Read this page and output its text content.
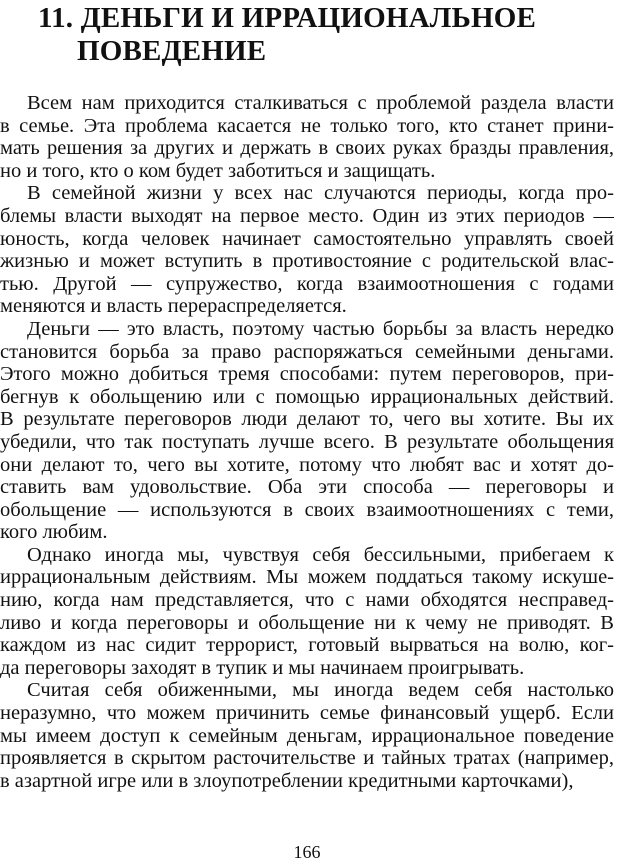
11. ДЕНЬГИ И ИРРАЦИОНАЛЬНОЕ
ПОВЕДЕНИЕ
Всем нам приходится сталкиваться с проблемой раздела власти
в семье. Эта проблема касается не только того, кто станет прини-
мать решения за других и держать в своих руках бразды правления,
но и того, кто о ком будет заботиться и защищать.
В семейной жизни у всех нас случаются периоды, когда про-
блемы власти выходят на первое место. Один из этих периодов —
юность, когда человек начинает самостоятельно управлять своей
жизнью и может вступить в противостояние с родительской влас-
тью. Другой — супружество, когда взаимоотношения с годами
меняются и власть перераспределяется.
Деньги — это власть, поэтому частью борьбы за власть нередко
становится борьба за право распоряжаться семейными деньгами.
Этого можно добиться тремя способами: путем переговоров, при-
бегнув к обольщению или с помощью иррациональных действий.
В результате переговоров люди делают то, чего вы хотите. Вы их
убедили, что так поступать лучше всего. В результате обольщения
они делают то, чего вы хотите, потому что любят вас и хотят до-
ставить вам удовольствие. Оба эти способа — переговоры и
обольщение — используются в своих взаимоотношениях с теми,
кого любим.
Однако иногда мы, чувствуя себя бессильными, прибегаем к
иррациональным действиям. Мы можем поддаться такому искуше-
нию, когда нам представляется, что с нами обходятся несправед-
ливо и когда переговоры и обольщение ни к чему не приводят. В
каждом из нас сидит террорист, готовый вырваться на волю, ког-
да переговоры заходят в тупик и мы начинаем проигрывать.
Считая себя обиженными, мы иногда ведем себя настолько
неразумно, что можем причинить семье финансовый ущерб. Если
мы имеем доступ к семейным деньгам, иррациональное поведение
проявляется в скрытом расточительстве и тайных тратах (например,
в азартной игре или в злоупотреблении кредитными карточками),
166
